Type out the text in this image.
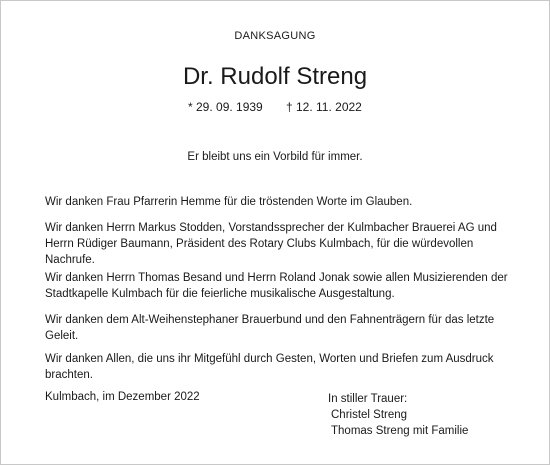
DANKSAGUNG
Dr. Rudolf Streng
* 29. 09. 1939 † 12. 11. 2022
Er bleibt uns ein Vorbild für immer.

Wir danken Frau Pfarrerin Hemme für die tröstenden Worte im Glauben.

Wir danken Herrn Markus Stodden, Vorstandssprecher der Kulmbacher Brauerei AG und Herrn Rüdiger Baumann, Präsident des Rotary Clubs Kulmbach, für die würdevollen Nachrufe.

Wir danken Herrn Thomas Besand und Herrn Roland Jonak sowie allen Musizierenden der Stadtkapelle Kulmbach für die feierliche musikalische Ausgestaltung.

Wir danken dem Alt-Weihenstephaner Brauerbund und den Fahnenträgern für das letzte Geleit.

Wir danken Allen, die uns ihr Mitgefühl durch Gesten, Worten und Briefen zum Ausdruck brachten.

Kulmbach, im Dezember 2022	In stiller Trauer:
Christel Streng
Thomas Streng mit Familie
